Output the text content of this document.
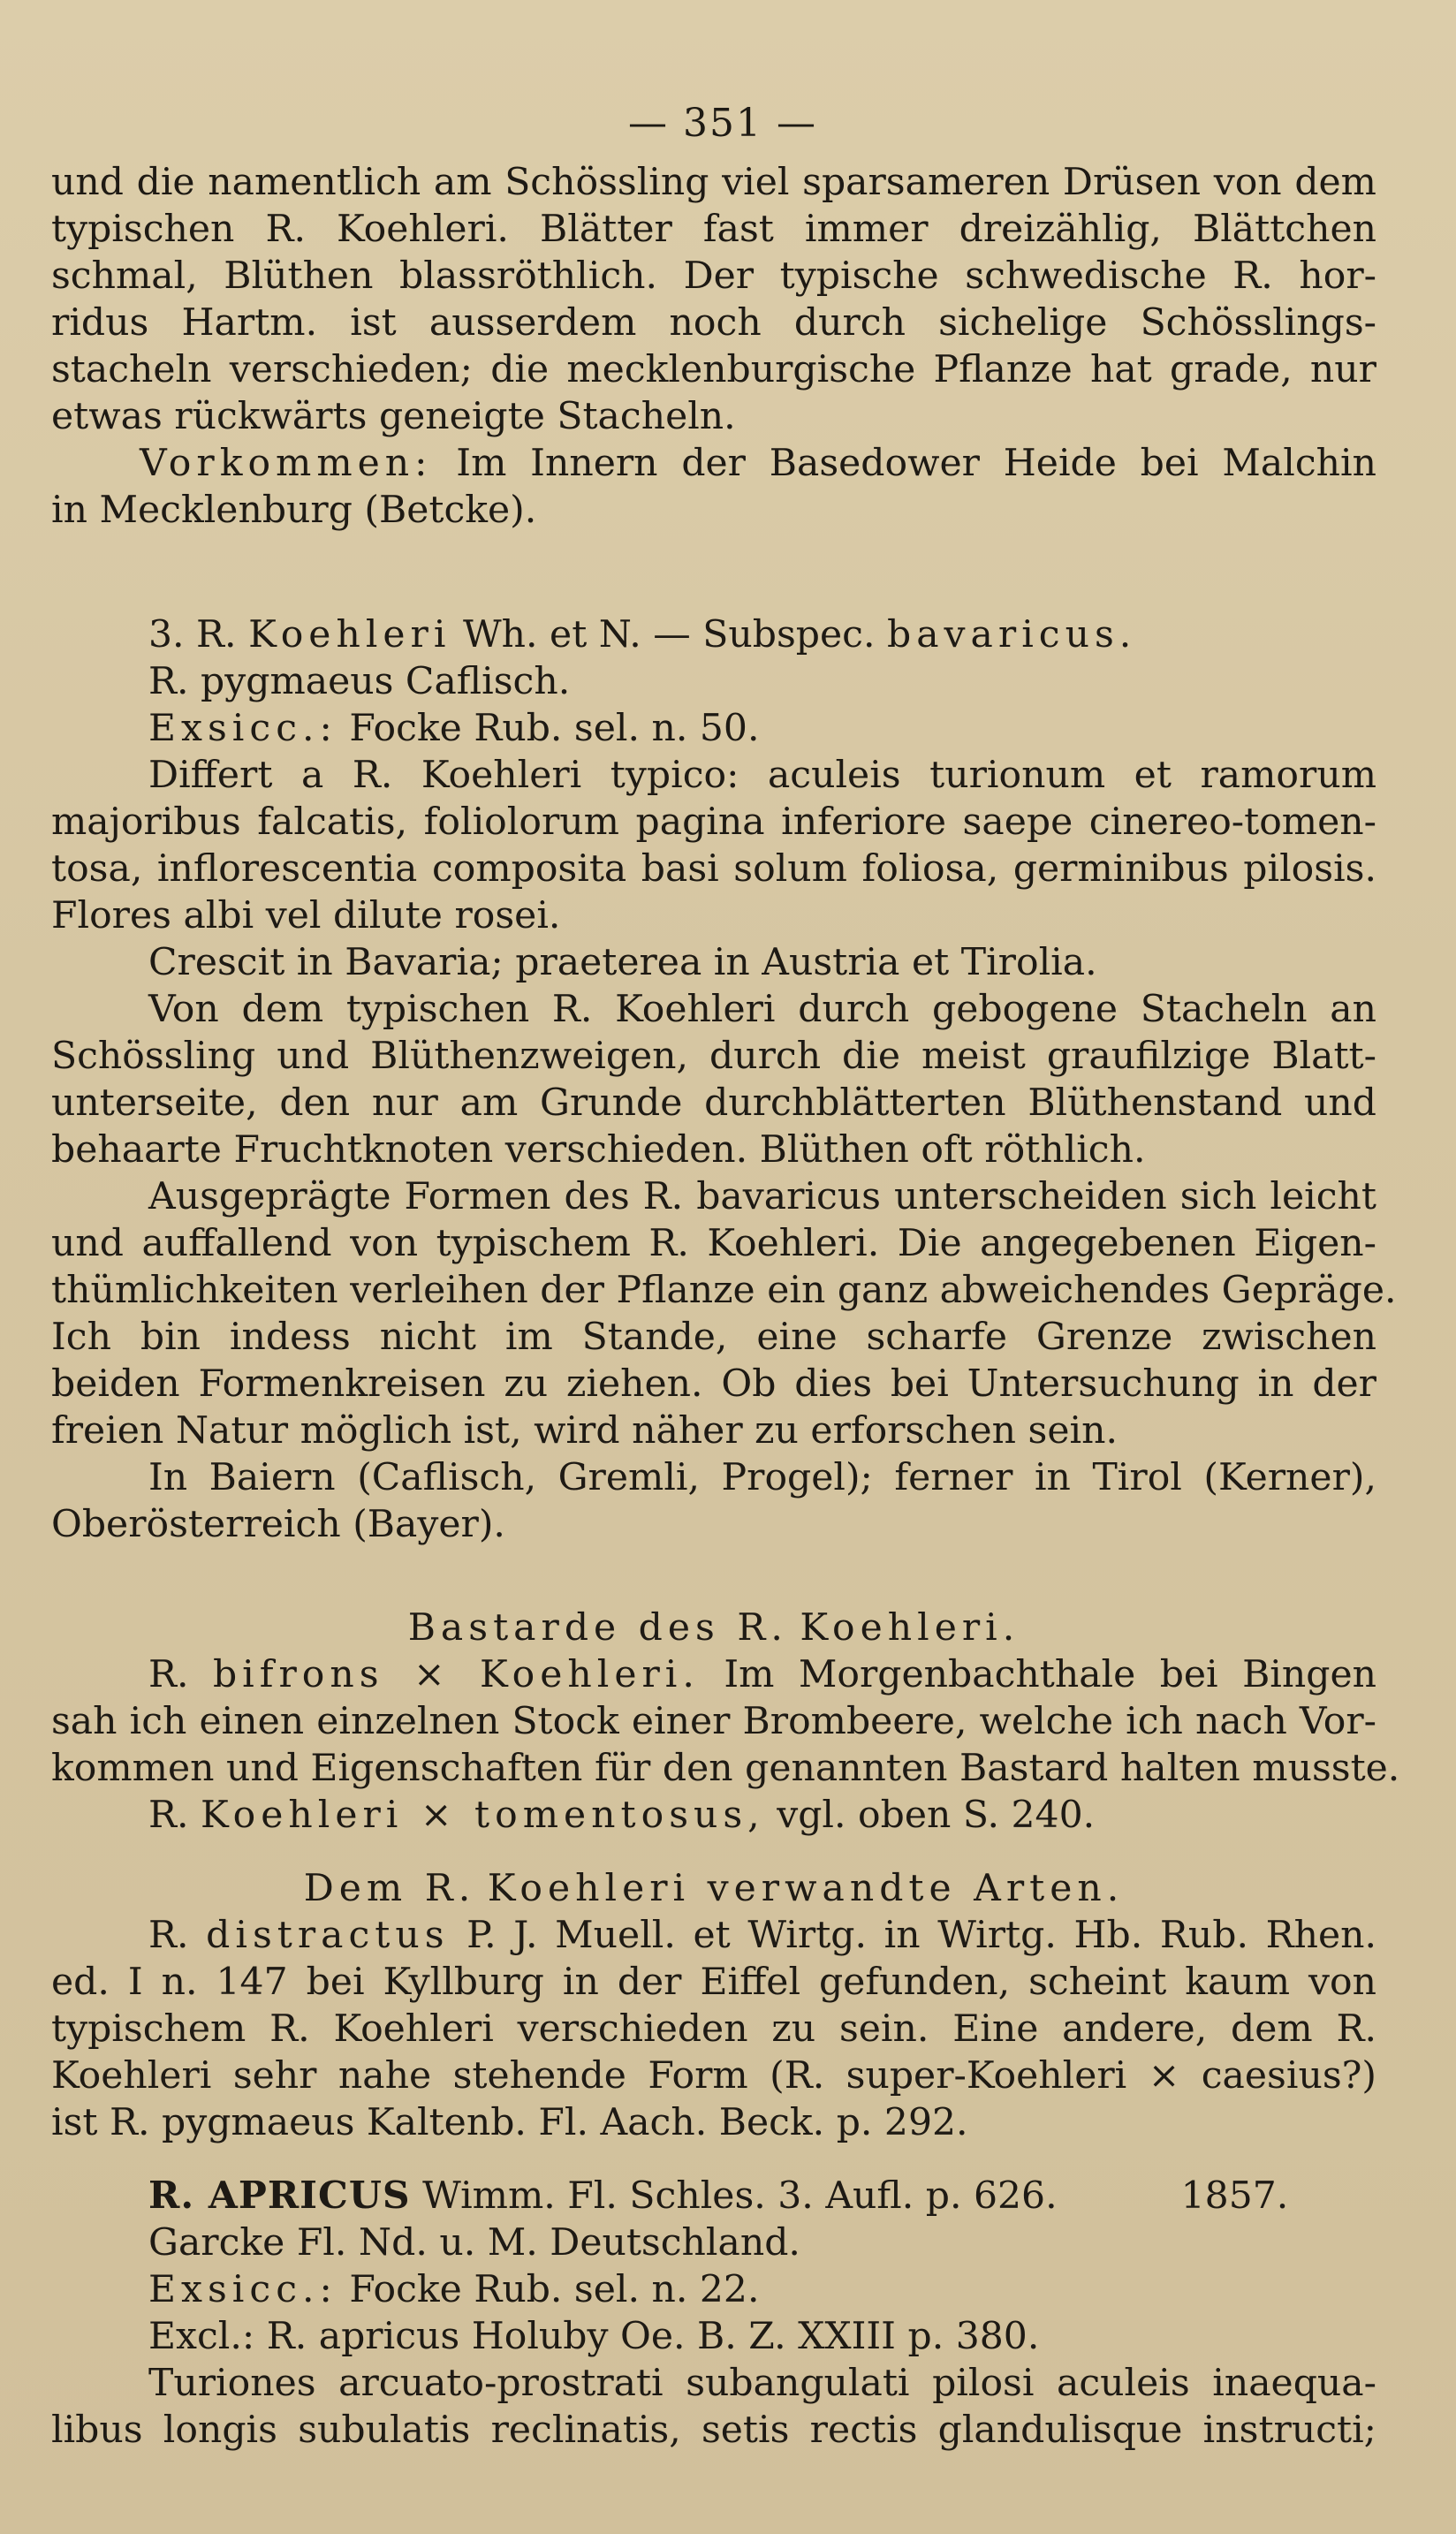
— 351 —

und die namentlich am Schössling viel sparsameren Drüsen von dem

typischen R. Koehleri. Blätter fast immer dreizählig, Blättchen

schmal, Blüthen blassröthlich. Der typische schwedische R. hor-

ridus Hartm. ist ausserdem noch durch sichelige Schösslings-

stacheln verschieden; die mecklenburgische Pflanze hat grade, nur

etwas rückwärts geneigte Stacheln.

Vorkommen: Im Innern der Basedower Heide bei Malchin

in Mecklenburg (Betcke).

3. R. Koehleri Wh. et N. — Subspec. bavaricus.

R. pygmaeus Caflisch.

Exsicc.: Focke Rub. sel. n. 50.

Differt a R. Koehleri typico: aculeis turionum et ramorum

majoribus falcatis, foliolorum pagina inferiore saepe cinereo-tomen-

tosa, inflorescentia composita basi solum foliosa, germinibus pilosis.

Flores albi vel dilute rosei.

Crescit in Bavaria; praeterea in Austria et Tirolia.

Von dem typischen R. Koehleri durch gebogene Stacheln an

Schössling und Blüthenzweigen, durch die meist graufilzige Blatt-

unterseite, den nur am Grunde durchblätterten Blüthenstand und

behaarte Fruchtknoten verschieden. Blüthen oft röthlich.

Ausgeprägte Formen des R. bavaricus unterscheiden sich leicht

und auffallend von typischem R. Koehleri. Die angegebenen Eigen-

thümlichkeiten verleihen der Pflanze ein ganz abweichendes Gepräge.

Ich bin indess nicht im Stande, eine scharfe Grenze zwischen

beiden Formenkreisen zu ziehen. Ob dies bei Untersuchung in der

freien Natur möglich ist, wird näher zu erforschen sein.

In Baiern (Caflisch, Gremli, Progel); ferner in Tirol (Kerner),

Oberösterreich (Bayer).

Bastarde des R. Koehleri.

R. bifrons × Koehleri. Im Morgenbachthale bei Bingen

sah ich einen einzelnen Stock einer Brombeere, welche ich nach Vor-

kommen und Eigenschaften für den genannten Bastard halten musste.

R. Koehleri × tomentosus, vgl. oben S. 240.

Dem R. Koehleri verwandte Arten.

R. distractus P. J. Muell. et Wirtg. in Wirtg. Hb. Rub. Rhen.

ed. I n. 147 bei Kyllburg in der Eiffel gefunden, scheint kaum von

typischem R. Koehleri verschieden zu sein. Eine andere, dem R.

Koehleri sehr nahe stehende Form (R. super-Koehleri × caesius?)

ist R. pygmaeus Kaltenb. Fl. Aach. Beck. p. 292.

R. APRICUS Wimm. Fl. Schles. 3. Aufl. p. 626.	1857.

Garcke Fl. Nd. u. M. Deutschland.

Exsicc.: Focke Rub. sel. n. 22.

Excl.: R. apricus Holuby Oe. B. Z. XXIII p. 380.

Turiones arcuato-prostrati subangulati pilosi aculeis inaequa-

libus longis subulatis reclinatis, setis rectis glandulisque instructi;
